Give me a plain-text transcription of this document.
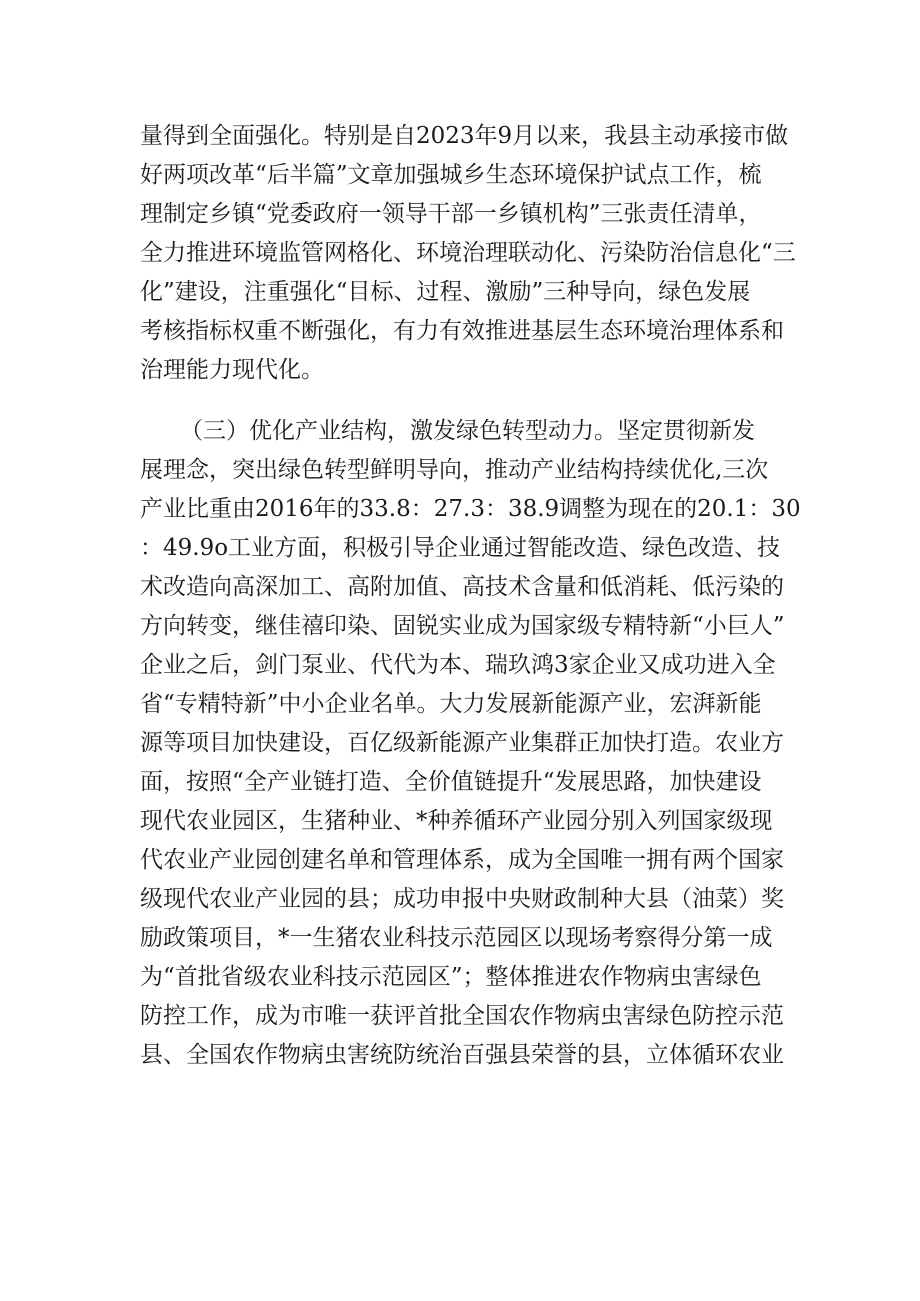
量得到全面强化。特别是自2023年9月以来，我县主动承接市做
好两项改革“后半篇”文章加强城乡生态环境保护试点工作，梳
理制定乡镇“党委政府一领导干部一乡镇机构”三张责任清单，
全力推进环境监管网格化、环境治理联动化、污染防治信息化“三
化”建设，注重强化“目标、过程、激励”三种导向，绿色发展
考核指标权重不断强化，有力有效推进基层生态环境治理体系和
治理能力现代化。
（三）优化产业结构，激发绿色转型动力。坚定贯彻新发
展理念，突出绿色转型鲜明导向，推动产业结构持续优化,三次
产业比重由2016年的33.8：27.3：38.9调整为现在的20.1：30
：49.9o工业方面，积极引导企业通过智能改造、绿色改造、技
术改造向高深加工、高附加值、高技术含量和低消耗、低污染的
方向转变，继佳禧印染、固锐实业成为国家级专精特新“小巨人”
企业之后，剑门泵业、代代为本、瑞玖鸿3家企业又成功进入全
省“专精特新”中小企业名单。大力发展新能源产业，宏湃新能
源等项目加快建设，百亿级新能源产业集群正加快打造。农业方
面，按照“全产业链打造、全价值链提升“发展思路，加快建设
现代农业园区，生猪种业、*种养循环产业园分别入列国家级现
代农业产业园创建名单和管理体系，成为全国唯一拥有两个国家
级现代农业产业园的县；成功申报中央财政制种大县（油菜）奖
励政策项目，*一生猪农业科技示范园区以现场考察得分第一成
为“首批省级农业科技示范园区”；整体推进农作物病虫害绿色
防控工作，成为市唯一获评首批全国农作物病虫害绿色防控示范
县、全国农作物病虫害统防统治百强县荣誉的县，立体循环农业
